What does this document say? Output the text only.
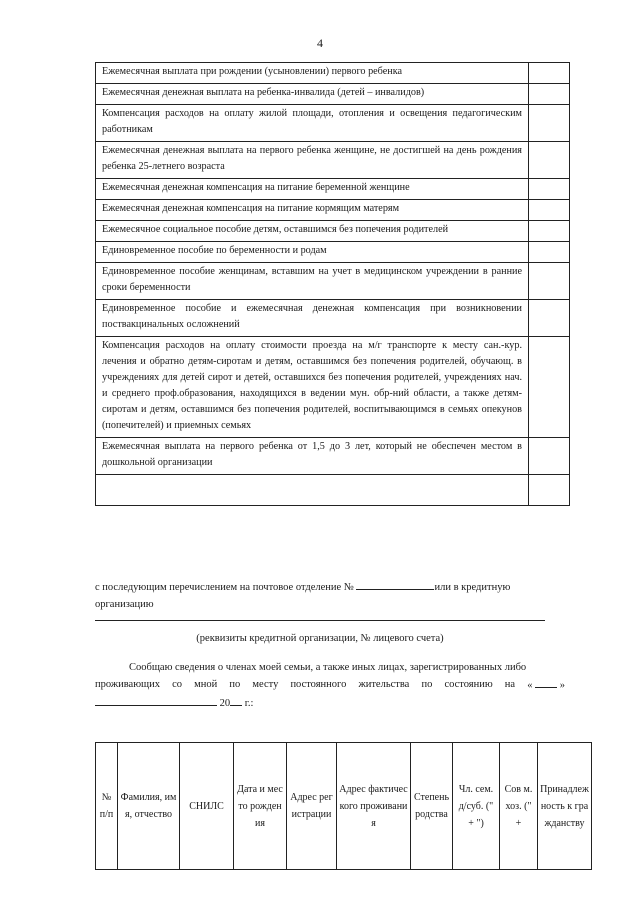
4
Ежемесячная выплата при рождении (усыновлении) первого ребенка	
Ежемесячная денежная выплата на ребенка-инвалида (детей – инвалидов)	
Компенсация расходов на оплату жилой площади, отопления и освещения педагогическим работникам	
Ежемесячная денежная выплата на первого ребенка женщине, не достигшей на день рождения ребенка 25-летнего возраста	
Ежемесячная денежная компенсация на питание беременной женщине	
Ежемесячная денежная компенсация на питание кормящим матерям	
Ежемесячное социальное пособие детям, оставшимся без попечения родителей	
Единовременное пособие по беременности и родам	
Единовременное пособие женщинам, вставшим на учет в медицинском учреждении в ранние сроки беременности	
Единовременное пособие и ежемесячная денежная компенсация при возникновении поствакцинальных осложнений	
Компенсация расходов на оплату стоимости проезда на м/г транспорте к месту сан.-кур. лечения и обратно детям-сиротам и детям, оставшимся без попечения родителей, обучающ. в учреждениях для детей сирот и детей, оставшихся без попечения родителей, учреждениях нач. и среднего проф.образования, находящихся в ведении мун. обр-ний области, а также детям-сиротам и детям, оставшимся без попечения родителей, воспитывающимся в семьях опекунов (попечителей) и приемных семьях	
Ежемесячная выплата на первого ребенка от 1,5 до 3 лет, который не обеспечен местом в дошкольной организации	

с последующим перечислением на почтовое отделение №	или в кредитную
организацию
(реквизиты кредитной организации, № лицевого счета)
Сообщаю сведения о членах моей семьи, а также иных лицах, зарегистрированных либо
проживающих со мной по месту постоянного жительства по состоянию на «	»
20 г.:
№ п/п	Фамилия, имя, отчество	СНИЛС	Дата и место рождения	Адрес регистрации	Адрес фактического проживания	Степень родства	Чл. сем. д/суб. (" + ")	Сов м. хоз. (" +	Принадлежность к гражданству
